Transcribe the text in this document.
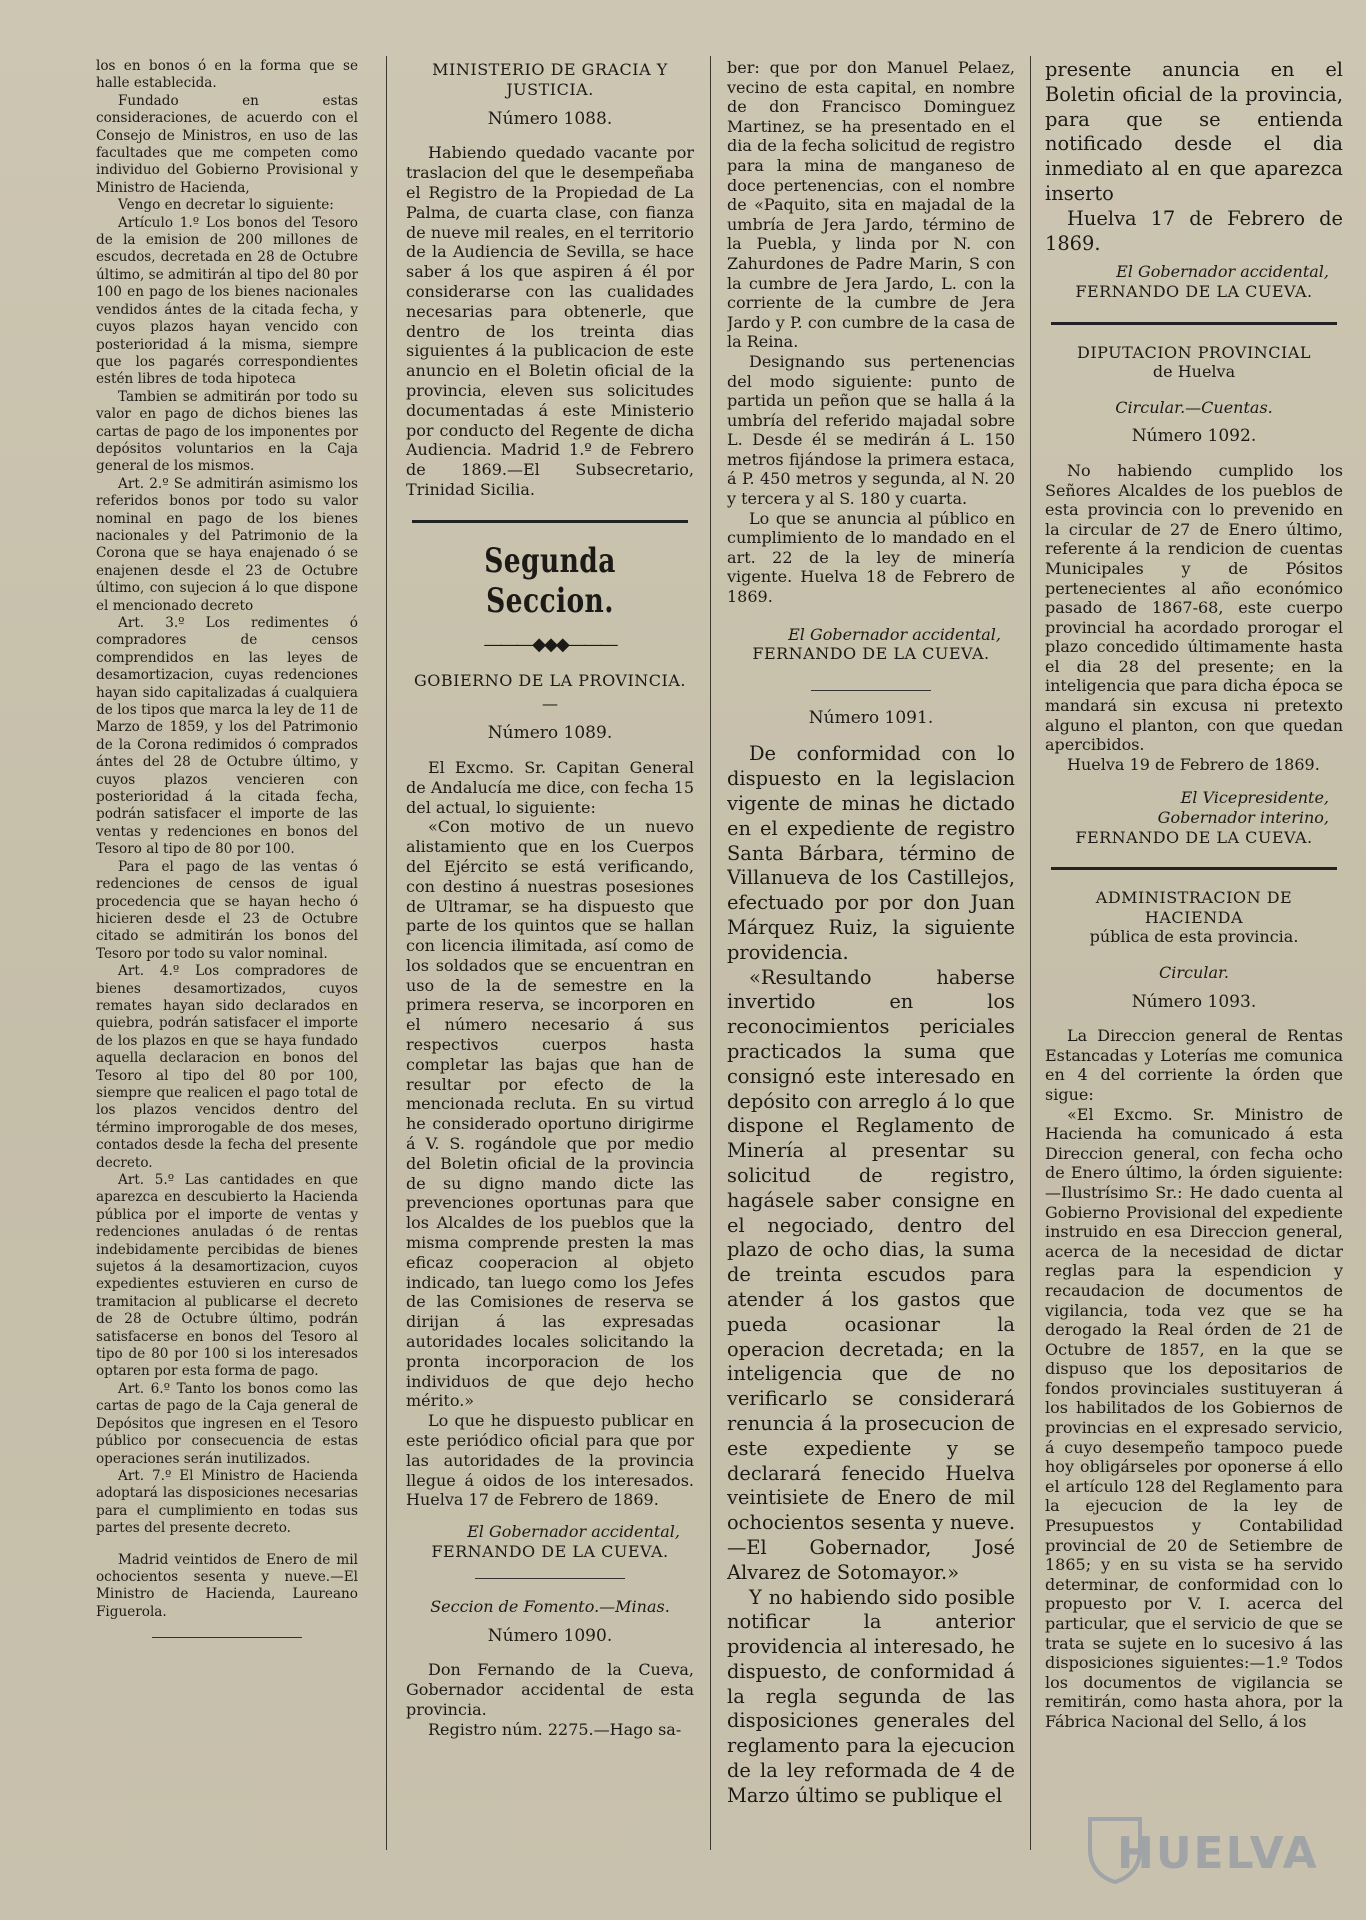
los en bonos ó en la forma que se halle establecida.

Fundado en estas consideraciones, de acuerdo con el Consejo de Ministros, en uso de las facultades que me competen como individuo del Gobierno Provisional y Ministro de Hacienda,

Vengo en decretar lo siguiente:

Artículo 1.º Los bonos del Tesoro de la emision de 200 millones de escudos, decretada en 28 de Octubre último, se admitirán al tipo del 80 por 100 en pago de los bienes nacionales vendidos ántes de la citada fecha, y cuyos plazos hayan vencido con posterioridad á la misma, siempre que los pagarés correspondientes estén libres de toda hipoteca

Tambien se admitirán por todo su valor en pago de dichos bienes las cartas de pago de los imponentes por depósitos voluntarios en la Caja general de los mismos.

Art. 2.º Se admitirán asimismo los referidos bonos por todo su valor nominal en pago de los bienes nacionales y del Patrimonio de la Corona que se haya enajenado ó se enajenen desde el 23 de Octubre último, con sujecion á lo que dispone el mencionado decreto

Art. 3.º Los redimentes ó compradores de censos comprendidos en las leyes de desamortizacion, cuyas redenciones hayan sido capitalizadas á cualquiera de los tipos que marca la ley de 11 de Marzo de 1859, y los del Patrimonio de la Corona redimidos ó comprados ántes del 28 de Octubre último, y cuyos plazos vencieren con posterioridad á la citada fecha, podrán satisfacer el importe de las ventas y redenciones en bonos del Tesoro al tipo de 80 por 100.

Para el pago de las ventas ó redenciones de censos de igual procedencia que se hayan hecho ó hicieren desde el 23 de Octubre citado se admitirán los bonos del Tesoro por todo su valor nominal.

Art. 4.º Los compradores de bienes desamortizados, cuyos remates hayan sido declarados en quiebra, podrán satisfacer el importe de los plazos en que se haya fundado aquella declaracion en bonos del Tesoro al tipo del 80 por 100, siempre que realicen el pago total de los plazos vencidos dentro del término improrogable de dos meses, contados desde la fecha del presente decreto.

Art. 5.º Las cantidades en que aparezca en descubierto la Hacienda pública por el importe de ventas y redenciones anuladas ó de rentas indebidamente percibidas de bienes sujetos á la desamortizacion, cuyos expedientes estuvieren en curso de tramitacion al publicarse el decreto de 28 de Octubre último, podrán satisfacerse en bonos del Tesoro al tipo de 80 por 100 si los interesados optaren por esta forma de pago.

Art. 6.º Tanto los bonos como las cartas de pago de la Caja general de Depósitos que ingresen en el Tesoro público por consecuencia de estas operaciones serán inutilizados.

Art. 7.º El Ministro de Hacienda adoptará las disposiciones necesarias para el cumplimiento en todas sus partes del presente decreto.

Madrid veintidos de Enero de mil ochocientos sesenta y nueve.—El Ministro de Hacienda, Laureano Figuerola.

MINISTERIO DE GRACIA Y JUSTICIA.
Número 1088.

Habiendo quedado vacante por traslacion del que le desempeñaba el Registro de la Propiedad de La Palma, de cuarta clase, con fianza de nueve mil reales, en el territorio de la Audiencia de Sevilla, se hace saber á los que aspiren á él por considerarse con las cualidades necesarias para obtenerle, que dentro de los treinta dias siguientes á la publicacion de este anuncio en el Boletin oficial de la provincia, eleven sus solicitudes documentadas á este Ministerio por conducto del Regente de dicha Audiencia. Madrid 1.º de Febrero de 1869.—El Subsecretario, Trinidad Sicilia.

Segunda Seccion.
―――◆◆◆―――
GOBIERNO DE LA PROVINCIA.
—
Número 1089.

El Excmo. Sr. Capitan General de Andalucía me dice, con fecha 15 del actual, lo siguiente:

«Con motivo de un nuevo alistamiento que en los Cuerpos del Ejército se está verificando, con destino á nuestras posesiones de Ultramar, se ha dispuesto que parte de los quintos que se hallan con licencia ilimitada, así como de los soldados que se encuentran en uso de la de semestre en la primera reserva, se incorporen en el número necesario á sus respectivos cuerpos hasta completar las bajas que han de resultar por efecto de la mencionada recluta. En su virtud he considerado oportuno dirigirme á V. S. rogándole que por medio del Boletin oficial de la provincia de su digno mando dicte las prevenciones oportunas para que los Alcaldes de los pueblos que la misma comprende presten la mas eficaz cooperacion al objeto indicado, tan luego como los Jefes de las Comisiones de reserva se dirijan á las expresadas autoridades locales solicitando la pronta incorporacion de los individuos de que dejo hecho mérito.»

Lo que he dispuesto publicar en este periódico oficial para que por las autoridades de la provincia llegue á oidos de los interesados. Huelva 17 de Febrero de 1869.

El Gobernador accidental,

FERNANDO DE LA CUEVA.

Seccion de Fomento.—Minas.

Número 1090.

Don Fernando de la Cueva, Gobernador accidental de esta provincia.

Registro núm. 2275.—Hago sa-

ber: que por don Manuel Pelaez, vecino de esta capital, en nombre de don Francisco Dominguez Martinez, se ha presentado en el dia de la fecha solicitud de registro para la mina de manganeso de doce pertenencias, con el nombre de «Paquito, sita en majadal de la umbría de Jera Jardo, término de la Puebla, y linda por N. con Zahurdones de Padre Marin, S con la cumbre de Jera Jardo, L. con la corriente de la cumbre de Jera Jardo y P. con cumbre de la casa de la Reina.

Designando sus pertenencias del modo siguiente: punto de partida un peñon que se halla á la umbría del referido majadal sobre L. Desde él se medirán á L. 150 metros fijándose la primera estaca, á P. 450 metros y segunda, al N. 20 y tercera y al S. 180 y cuarta.

Lo que se anuncia al público en cumplimiento de lo mandado en el art. 22 de la ley de minería vigente. Huelva 18 de Febrero de 1869.

El Gobernador accidental,

FERNANDO DE LA CUEVA.

Número 1091.

De conformidad con lo dispuesto en la legislacion vigente de minas he dictado en el expediente de registro Santa Bárbara, término de Villanueva de los Castillejos, efectuado por por don Juan Márquez Ruiz, la siguiente providencia.

«Resultando haberse invertido en los reconocimientos periciales practicados la suma que consignó este interesado en depósito con arreglo á lo que dispone el Reglamento de Minería al presentar su solicitud de registro, hagásele saber consigne en el negociado, dentro del plazo de ocho dias, la suma de treinta escudos para atender á los gastos que pueda ocasionar la operacion decretada; en la inteligencia que de no verificarlo se considerará renuncia á la prosecucion de este expediente y se declarará fenecido Huelva veintisiete de Enero de mil ochocientos sesenta y nueve.—El Gobernador, José Alvarez de Sotomayor.»

Y no habiendo sido posible notificar la anterior providencia al interesado, he dispuesto, de conformidad á la regla segunda de las disposiciones generales del reglamento para la ejecucion de la ley reformada de 4 de Marzo último se publique el

presente anuncia en el Boletin oficial de la provincia, para que se entienda notificado desde el dia inmediato al en que aparezca inserto

Huelva 17 de Febrero de 1869.

El Gobernador accidental,

FERNANDO DE LA CUEVA.

DIPUTACION PROVINCIAL
de Huelva

Circular.—Cuentas.

Número 1092.

No habiendo cumplido los Señores Alcaldes de los pueblos de esta provincia con lo prevenido en la circular de 27 de Enero último, referente á la rendicion de cuentas Municipales y de Pósitos pertenecientes al año económico pasado de 1867-68, este cuerpo provincial ha acordado prorogar el plazo concedido últimamente hasta el dia 28 del presente; en la inteligencia que para dicha época se mandará sin excusa ni pretexto alguno el planton, con que quedan apercibidos.

Huelva 19 de Febrero de 1869.

El Vicepresidente,

Gobernador interino,

FERNANDO DE LA CUEVA.

ADMINISTRACION DE HACIENDA
pública de esta provincia.

Circular.

Número 1093.

La Direccion general de Rentas Estancadas y Loterías me comunica en 4 del corriente la órden que sigue:

«El Excmo. Sr. Ministro de Hacienda ha comunicado á esta Direccion general, con fecha ocho de Enero último, la órden siguiente:—Ilustrísimo Sr.: He dado cuenta al Gobierno Provisional del expediente instruido en esa Direccion general, acerca de la necesidad de dictar reglas para la espendicion y recaudacion de documentos de vigilancia, toda vez que se ha derogado la Real órden de 21 de Octubre de 1857, en la que se dispuso que los depositarios de fondos provinciales sustituyeran á los habilitados de los Gobiernos de provincias en el expresado servicio, á cuyo desempeño tampoco puede hoy obligárseles por oponerse á ello el artículo 128 del Reglamento para la ejecucion de la ley de Presupuestos y Contabilidad provincial de 20 de Setiembre de 1865; y en su vista se ha servido determinar, de conformidad con lo propuesto por V. I. acerca del particular, que el servicio de que se trata se sujete en lo sucesivo á las disposiciones siguientes:—1.º Todos los documentos de vigilancia se remitirán, como hasta ahora, por la Fábrica Nacional del Sello, á los

HUELVA
